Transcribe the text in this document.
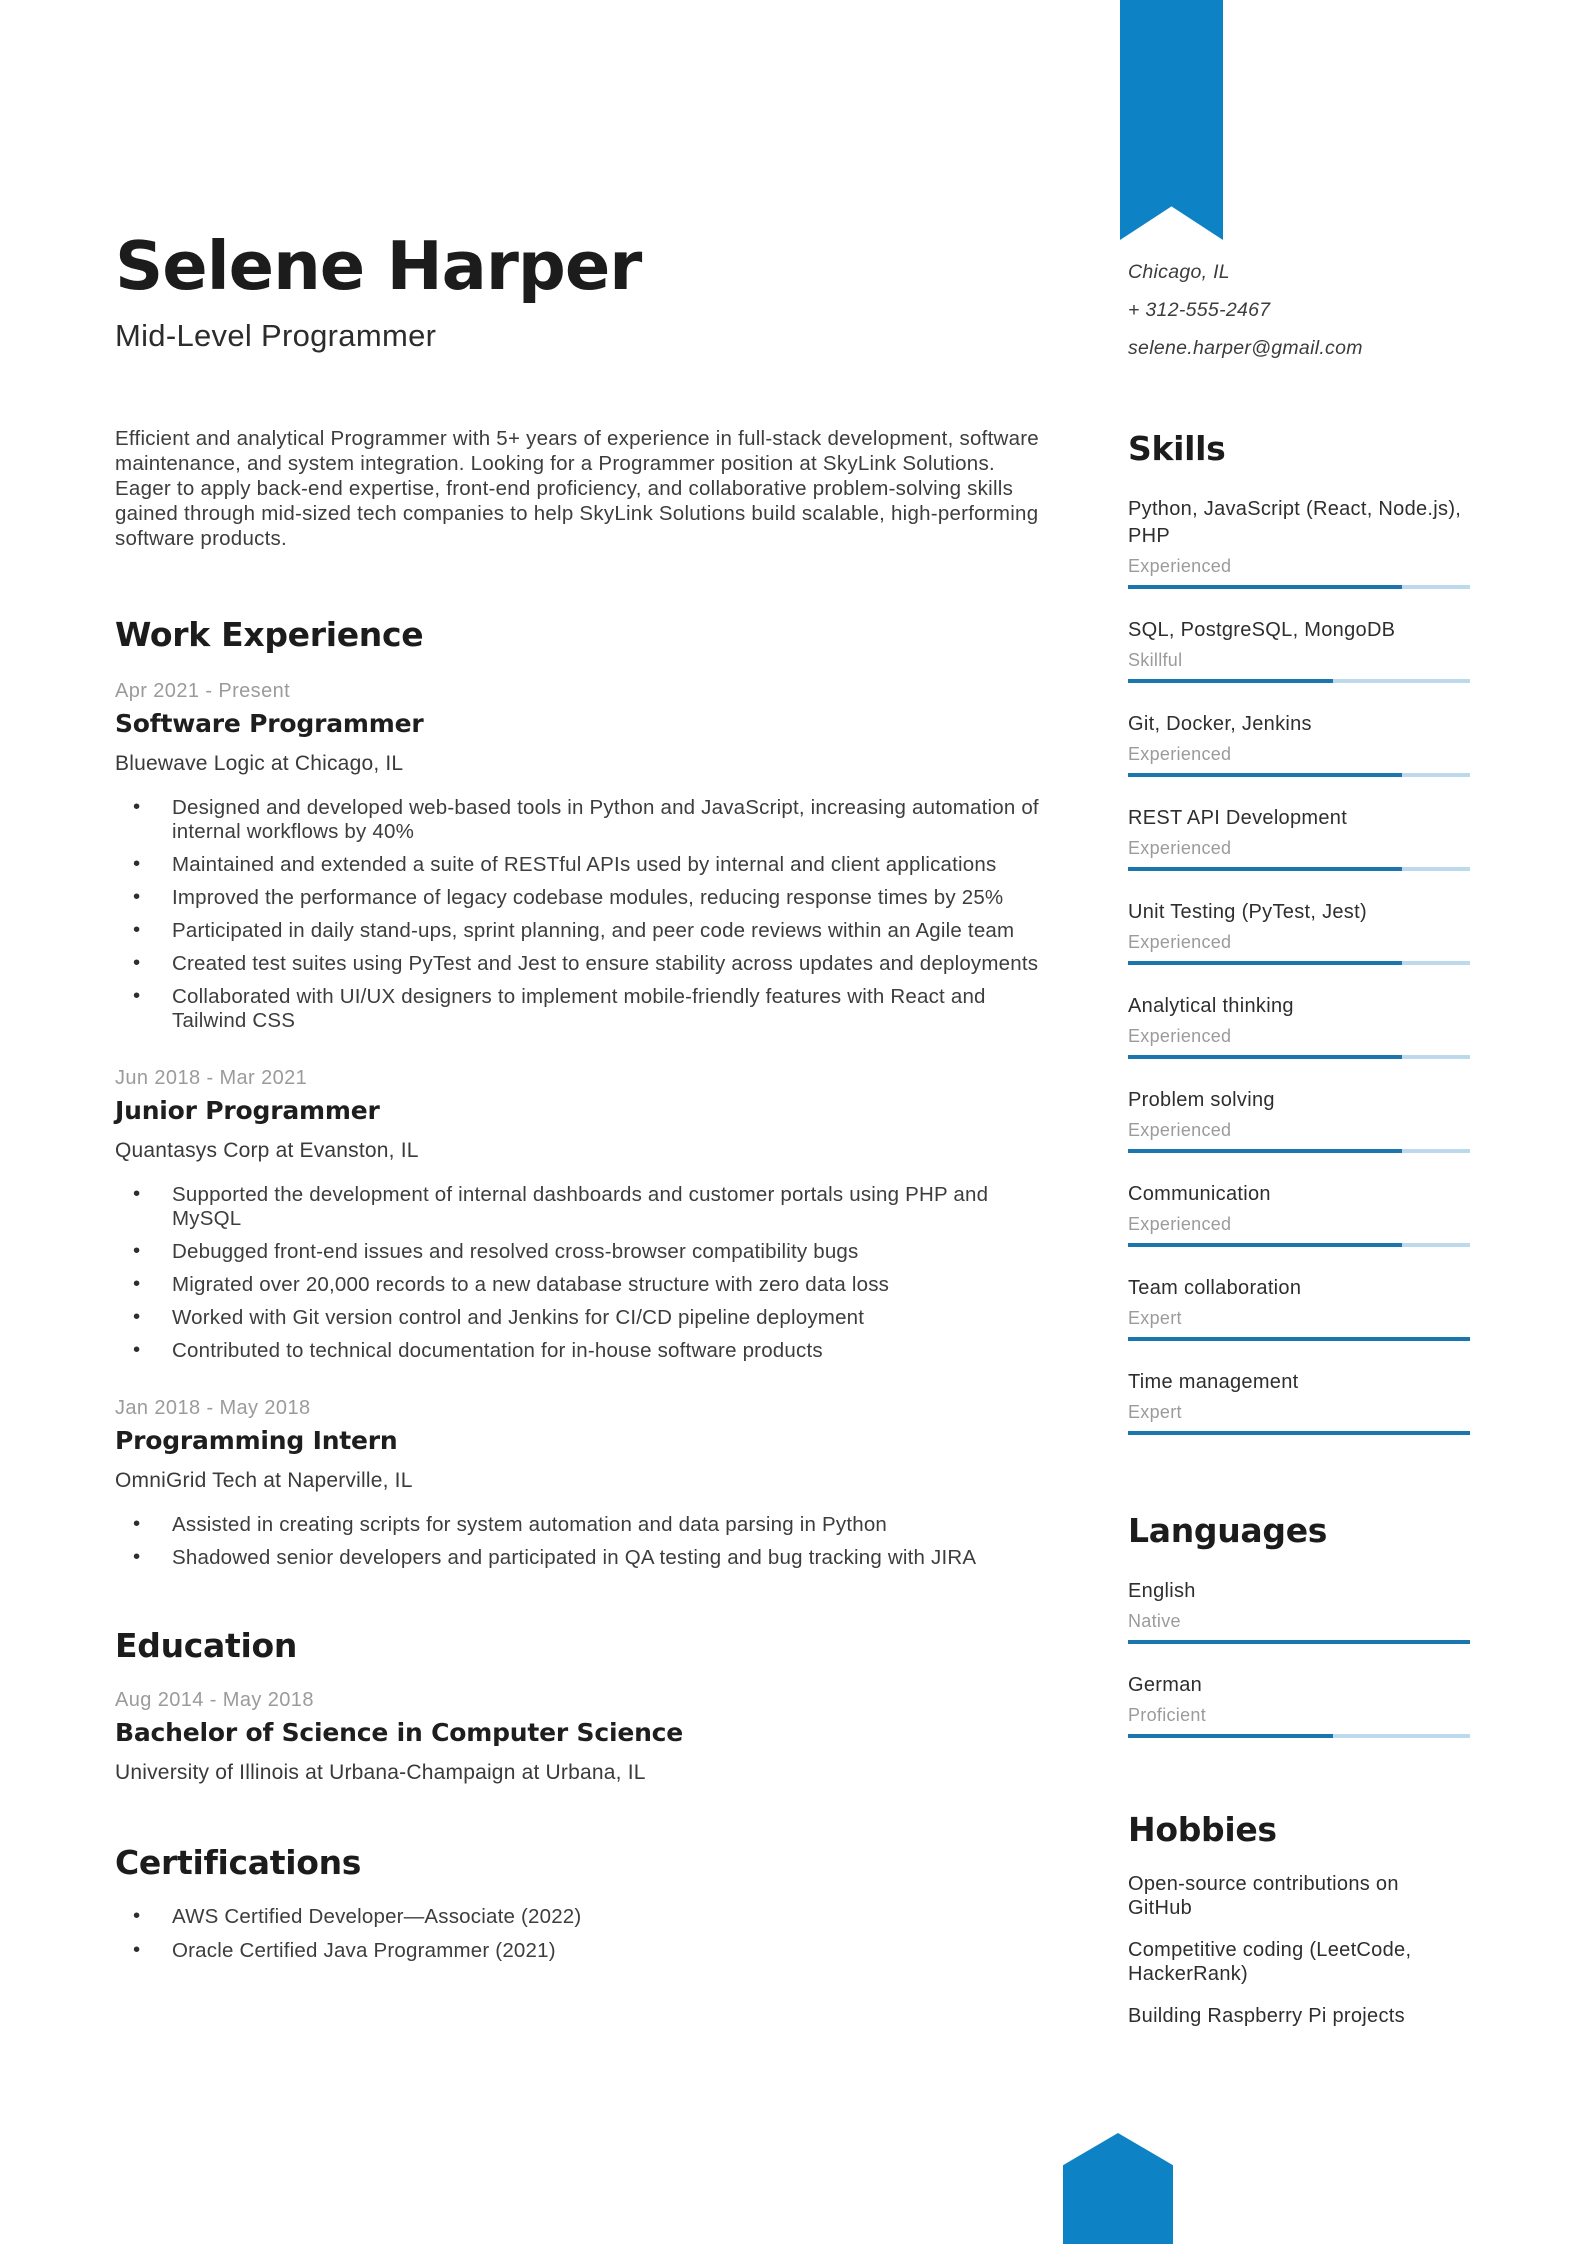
Selene Harper
Mid-Level Programmer

Efficient and analytical Programmer with 5+ years of experience in full-stack development, software maintenance, and system integration. Looking for a Programmer position at SkyLink Solutions. Eager to apply back-end expertise, front-end proficiency, and collaborative problem-solving skills gained through mid-sized tech companies to help SkyLink Solutions build scalable, high-performing software products.

Work Experience
Apr 2021 - Present
Software Programmer
Bluewave Logic at Chicago, IL
• Designed and developed web-based tools in Python and JavaScript, increasing automation of internal workflows by 40%
• Maintained and extended a suite of RESTful APIs used by internal and client applications
• Improved the performance of legacy codebase modules, reducing response times by 25%
• Participated in daily stand-ups, sprint planning, and peer code reviews within an Agile team
• Created test suites using PyTest and Jest to ensure stability across updates and deployments
• Collaborated with UI/UX designers to implement mobile-friendly features with React and Tailwind CSS
Jun 2018 - Mar 2021
Junior Programmer
Quantasys Corp at Evanston, IL
• Supported the development of internal dashboards and customer portals using PHP and MySQL
• Debugged front-end issues and resolved cross-browser compatibility bugs
• Migrated over 20,000 records to a new database structure with zero data loss
• Worked with Git version control and Jenkins for CI/CD pipeline deployment
• Contributed to technical documentation for in-house software products
Jan 2018 - May 2018
Programming Intern
OmniGrid Tech at Naperville, IL
• Assisted in creating scripts for system automation and data parsing in Python
• Shadowed senior developers and participated in QA testing and bug tracking with JIRA
Education
Aug 2014 - May 2018
Bachelor of Science in Computer Science
University of Illinois at Urbana-Champaign at Urbana, IL
Certifications
• AWS Certified Developer—Associate (2022)
• Oracle Certified Java Programmer (2021)
Chicago, IL
+ 312-555-2467
selene.harper@gmail.com
Skills
Python, JavaScript (React, Node.js), PHP
Experienced
SQL, PostgreSQL, MongoDB
Skillful
Git, Docker, Jenkins
Experienced
REST API Development
Experienced
Unit Testing (PyTest, Jest)
Experienced
Analytical thinking
Experienced
Problem solving
Experienced
Communication
Experienced
Team collaboration
Expert
Time management
Expert
Languages
English
Native
German
Proficient
Hobbies
Open-source contributions on GitHub
Competitive coding (LeetCode, HackerRank)
Building Raspberry Pi projects
